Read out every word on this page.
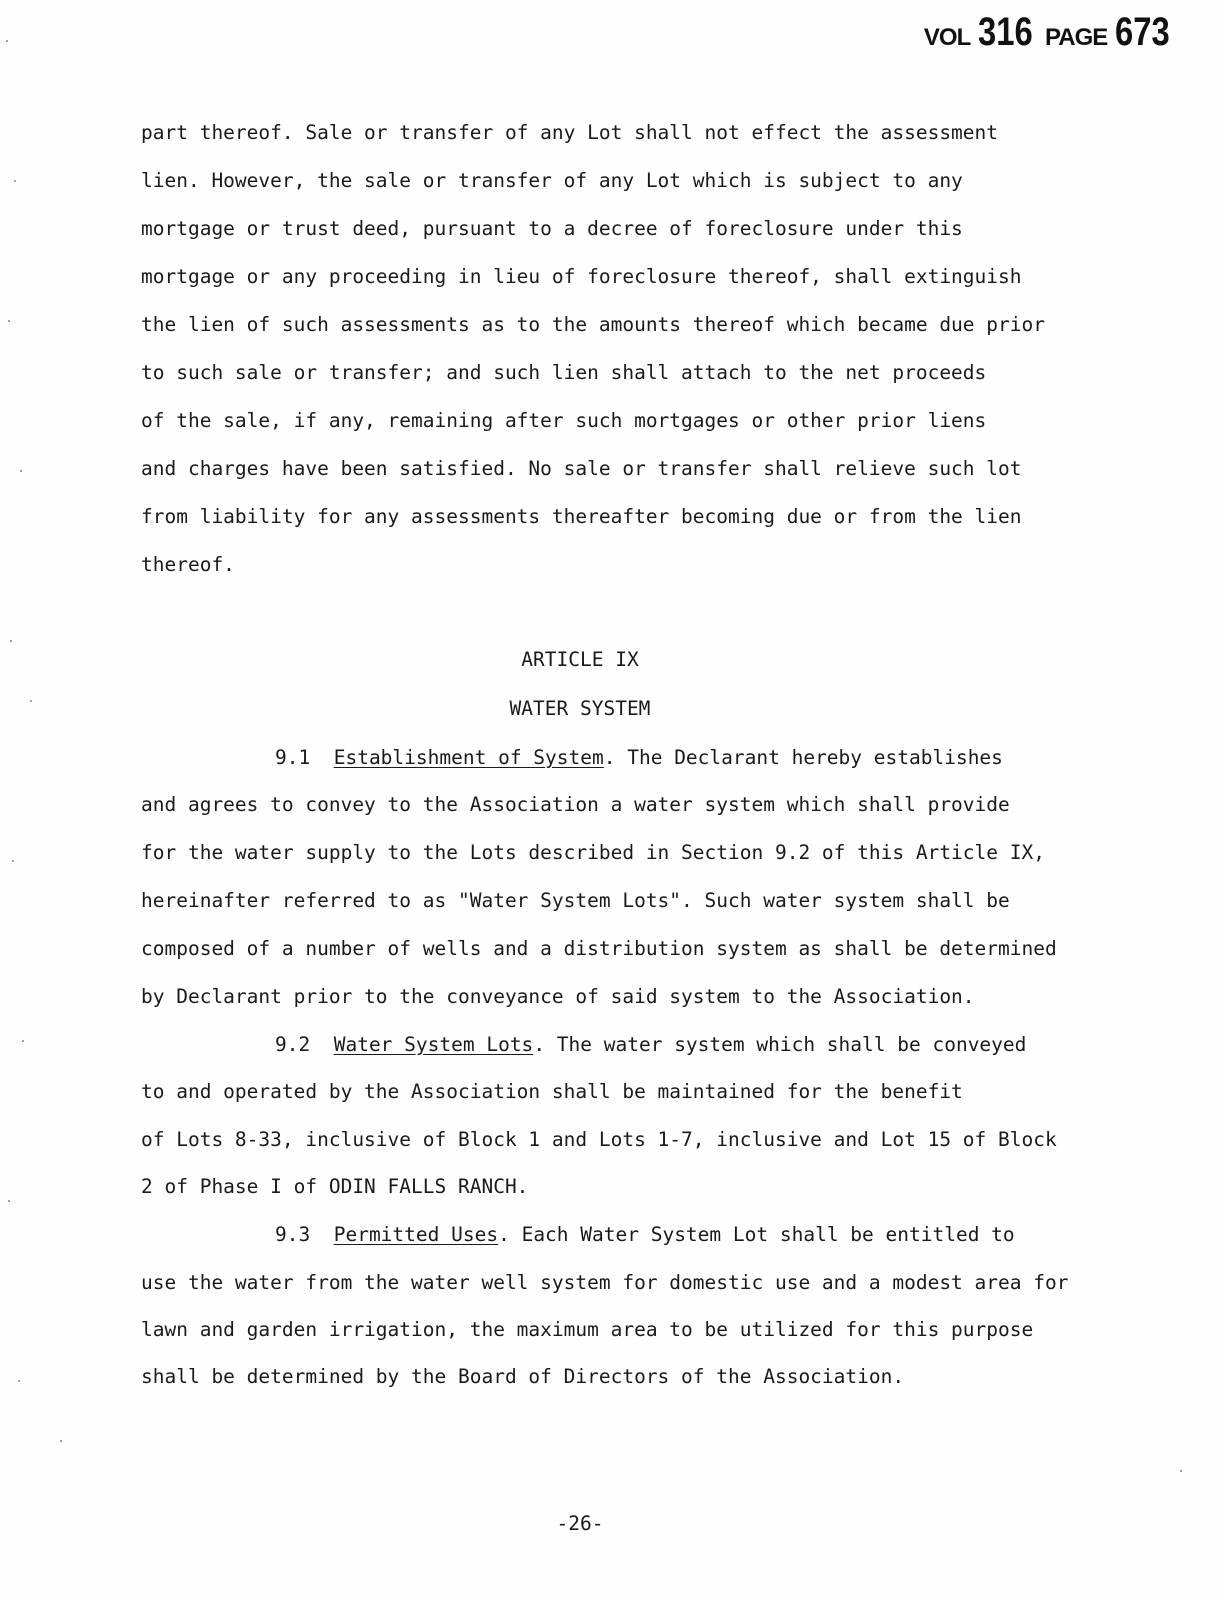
VOL 316 PAGE 673
part thereof. Sale or transfer of any Lot shall not effect the assessment
lien. However, the sale or transfer of any Lot which is subject to any
mortgage or trust deed, pursuant to a decree of foreclosure under this
mortgage or any proceeding in lieu of foreclosure thereof, shall extinguish
the lien of such assessments as to the amounts thereof which became due prior
to such sale or transfer; and such lien shall attach to the net proceeds
of the sale, if any, remaining after such mortgages or other prior liens
and charges have been satisfied. No sale or transfer shall relieve such lot
from liability for any assessments thereafter becoming due or from the lien
thereof.
ARTICLE IX
WATER SYSTEM
9.1 Establishment of System. The Declarant hereby establishes
and agrees to convey to the Association a water system which shall provide
for the water supply to the Lots described in Section 9.2 of this Article IX,
hereinafter referred to as "Water System Lots". Such water system shall be
composed of a number of wells and a distribution system as shall be determined
by Declarant prior to the conveyance of said system to the Association.
9.2 Water System Lots. The water system which shall be conveyed
to and operated by the Association shall be maintained for the benefit
of Lots 8-33, inclusive of Block 1 and Lots 1-7, inclusive and Lot 15 of Block
2 of Phase I of ODIN FALLS RANCH.
9.3 Permitted Uses. Each Water System Lot shall be entitled to
use the water from the water well system for domestic use and a modest area for
lawn and garden irrigation, the maximum area to be utilized for this purpose
shall be determined by the Board of Directors of the Association.
-26-
